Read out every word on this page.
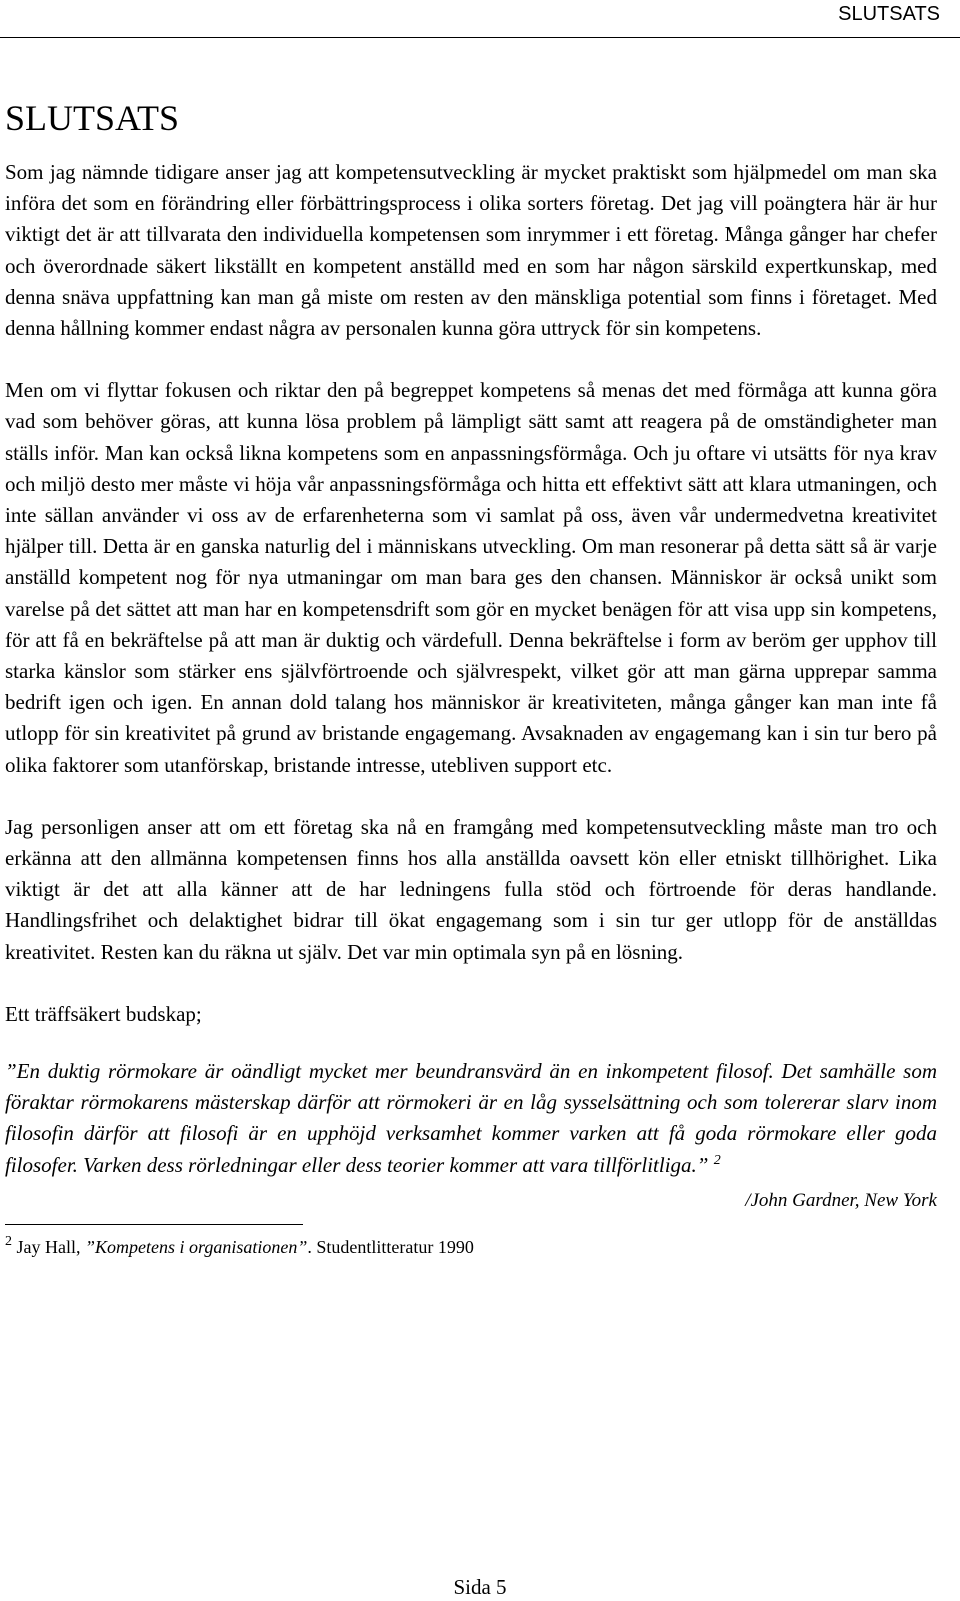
SLUTSATS
SLUTSATS

Som jag nämnde tidigare anser jag att kompetensutveckling är mycket praktiskt som hjälpmedel om man ska införa det som en förändring eller förbättringsprocess i olika sorters företag. Det jag vill poängtera här är hur viktigt det är att tillvarata den individuella kompetensen som inrymmer i ett företag. Många gånger har chefer och överordnade säkert likställt en kompetent anställd med en som har någon särskild expertkunskap, med denna snäva uppfattning kan man gå miste om resten av den mänskliga potential som finns i företaget. Med denna hållning kommer endast några av personalen kunna göra uttryck för sin kompetens.

Men om vi flyttar fokusen och riktar den på begreppet kompetens så menas det med förmåga att kunna göra vad som behöver göras, att kunna lösa problem på lämpligt sätt samt att reagera på de omständigheter man ställs inför. Man kan också likna kompetens som en anpassningsförmåga. Och ju oftare vi utsätts för nya krav och miljö desto mer måste vi höja vår anpassningsförmåga och hitta ett effektivt sätt att klara utmaningen, och inte sällan använder vi oss av de erfarenheterna som vi samlat på oss, även vår undermedvetna kreativitet hjälper till. Detta är en ganska naturlig del i människans utveckling. Om man resonerar på detta sätt så är varje anställd kompetent nog för nya utmaningar om man bara ges den chansen. Människor är också unikt som varelse på det sättet att man har en kompetensdrift som gör en mycket benägen för att visa upp sin kompetens, för att få en bekräftelse på att man är duktig och värdefull. Denna bekräftelse i form av beröm ger upphov till starka känslor som stärker ens självförtroende och självrespekt, vilket gör att man gärna upprepar samma bedrift igen och igen. En annan dold talang hos människor är kreativiteten, många gånger kan man inte få utlopp för sin kreativitet på grund av bristande engagemang. Avsaknaden av engagemang kan i sin tur bero på olika faktorer som utanförskap, bristande intresse, utebliven support etc.

Jag personligen anser att om ett företag ska nå en framgång med kompetensutveckling måste man tro och erkänna att den allmänna kompetensen finns hos alla anställda oavsett kön eller etniskt tillhörighet. Lika viktigt är det att alla känner att de har ledningens fulla stöd och förtroende för deras handlande. Handlingsfrihet och delaktighet bidrar till ökat engagemang som i sin tur ger utlopp för de anställdas kreativitet. Resten kan du räkna ut själv. Det var min optimala syn på en lösning.

Ett träffsäkert budskap;

”En duktig rörmokare är oändligt mycket mer beundransvärd än en inkompetent filosof. Det samhälle som föraktar rörmokarens mästerskap därför att rörmokeri är en låg sysselsättning och som tolererar slarv inom filosofin därför att filosofi är en upphöjd verksamhet kommer varken att få goda rörmokare eller goda filosofer. Varken dess rörledningar eller dess teorier kommer att vara tillförlitliga.” $^2$

/John Gardner, New York
$^2$ Jay Hall, ”Kompetens i organisationen”. Studentlitteratur 1990
Sida 5
